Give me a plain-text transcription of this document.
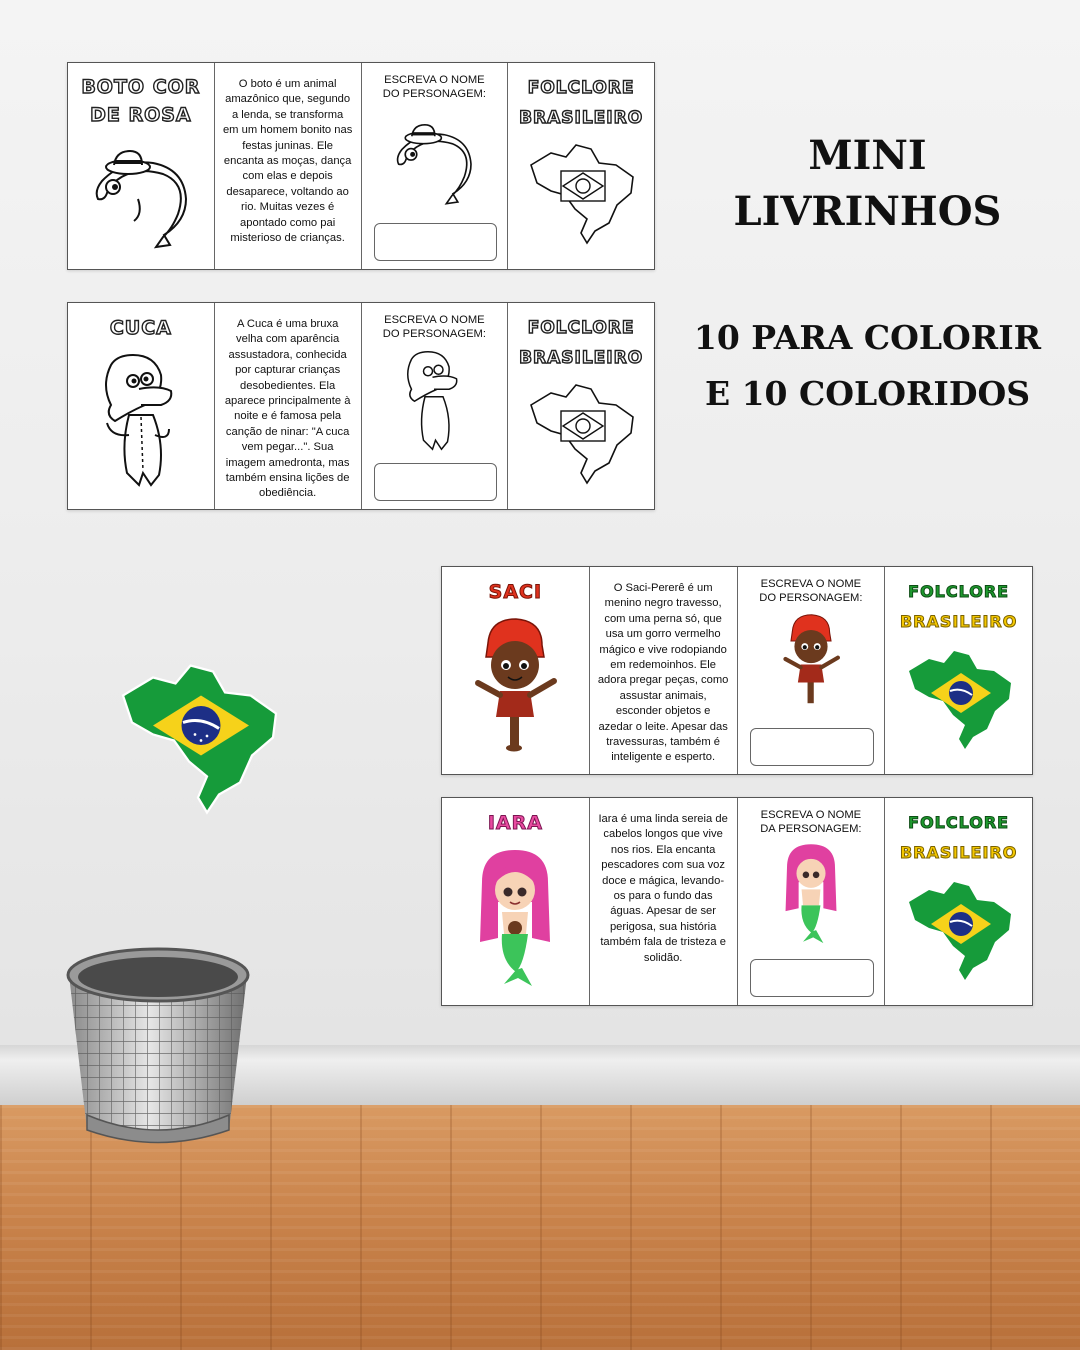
BOTO COR
DE ROSA
O boto é um animal amazônico que, segundo a lenda, se transforma em um homem bonito nas festas juninas. Ele encanta as moças, dança com elas e depois desaparece, voltando ao rio. Muitas vezes é apontado como pai misterioso de crianças.
ESCREVA O NOME DO PERSONAGEM:	FOLCLORE
BRASILEIRO
CUCA	A Cuca é uma bruxa velha com aparência assustadora, conhecida por capturar crianças desobedientes. Ela aparece principalmente à noite e é famosa pela canção de ninar: "A cuca vem pegar...". Sua imagem amedronta, mas também ensina lições de obediência.
ESCREVA O NOME DO PERSONAGEM:	FOLCLORE
BRASILEIRO
MINI
LIVRINHOS
10 PARA COLORIR
E 10 COLORIDOS
SACI	O Saci-Pererê é um menino negro travesso, com uma perna só, que usa um gorro vermelho mágico e vive rodopiando em redemoinhos. Ele adora pregar peças, como assustar animais, esconder objetos e azedar o leite. Apesar das travessuras, também é inteligente e esperto.
ESCREVA O NOME DO PERSONAGEM:	FOLCLORE
BRASILEIRO
IARA	Iara é uma linda sereia de cabelos longos que vive nos rios. Ela encanta pescadores com sua voz doce e mágica, levando-os para o fundo das águas. Apesar de ser perigosa, sua história também fala de tristeza e solidão.
ESCREVA O NOME DA PERSONAGEM:	FOLCLORE
BRASILEIRO
